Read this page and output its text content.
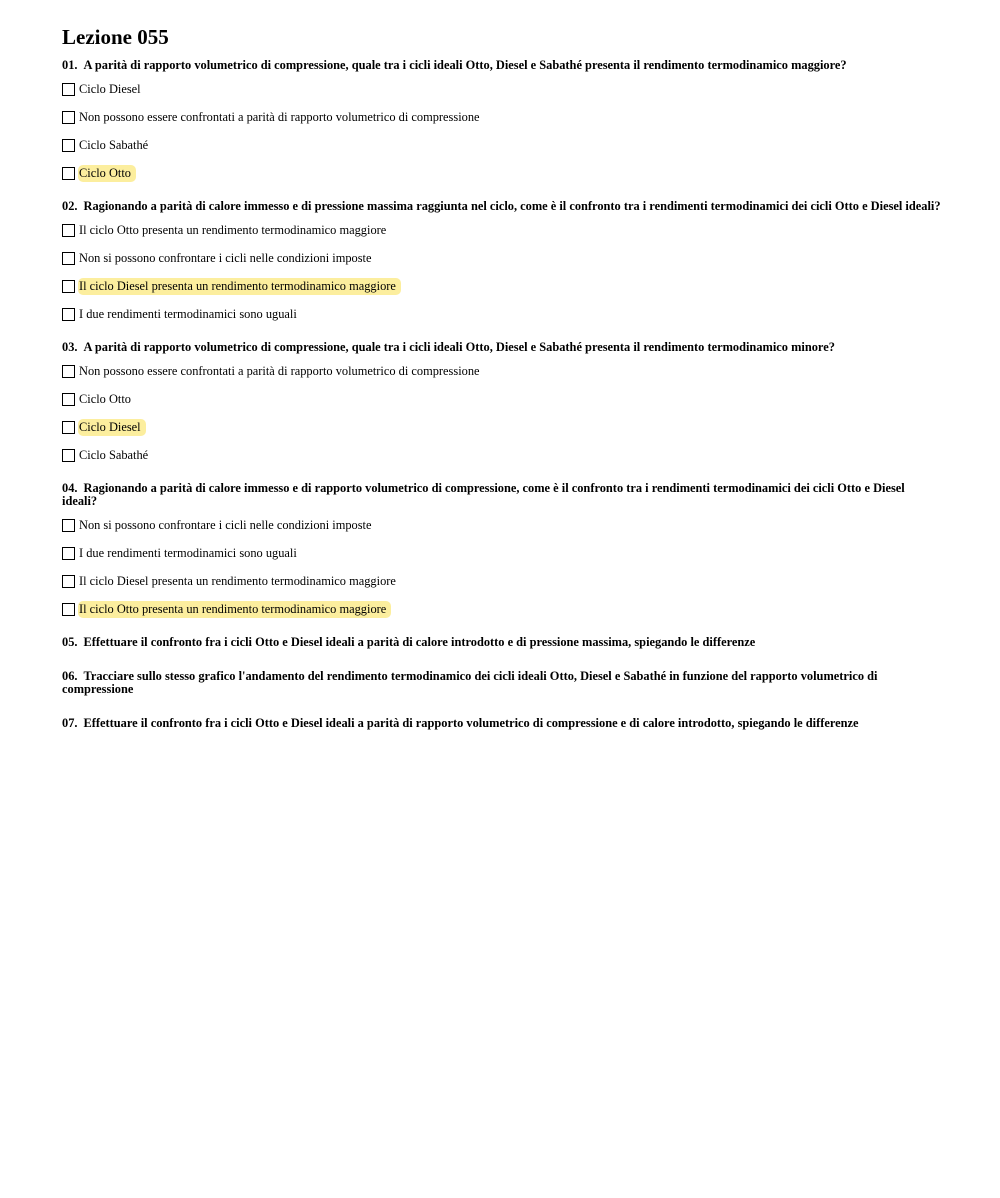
Lezione 055
01. A parità di rapporto volumetrico di compressione, quale tra i cicli ideali Otto, Diesel e Sabathé presenta il rendimento termodinamico maggiore?
Ciclo Diesel
Non possono essere confrontati a parità di rapporto volumetrico di compressione
Ciclo Sabathé
Ciclo Otto
02. Ragionando a parità di calore immesso e di pressione massima raggiunta nel ciclo, come è il confronto tra i rendimenti termodinamici dei cicli Otto e Diesel ideali?
Il ciclo Otto presenta un rendimento termodinamico maggiore
Non si possono confrontare i cicli nelle condizioni imposte
Il ciclo Diesel presenta un rendimento termodinamico maggiore
I due rendimenti termodinamici sono uguali
03. A parità di rapporto volumetrico di compressione, quale tra i cicli ideali Otto, Diesel e Sabathé presenta il rendimento termodinamico minore?
Non possono essere confrontati a parità di rapporto volumetrico di compressione
Ciclo Otto
Ciclo Diesel
Ciclo Sabathé
04. Ragionando a parità di calore immesso e di rapporto volumetrico di compressione, come è il confronto tra i rendimenti termodinamici dei cicli Otto e Diesel ideali?
Non si possono confrontare i cicli nelle condizioni imposte
I due rendimenti termodinamici sono uguali
Il ciclo Diesel presenta un rendimento termodinamico maggiore
Il ciclo Otto presenta un rendimento termodinamico maggiore
05. Effettuare il confronto fra i cicli Otto e Diesel ideali a parità di calore introdotto e di pressione massima, spiegando le differenze
06. Tracciare sullo stesso grafico l'andamento del rendimento termodinamico dei cicli ideali Otto, Diesel e Sabathé in funzione del rapporto volumetrico di compressione
07. Effettuare il confronto fra i cicli Otto e Diesel ideali a parità di rapporto volumetrico di compressione e di calore introdotto, spiegando le differenze
